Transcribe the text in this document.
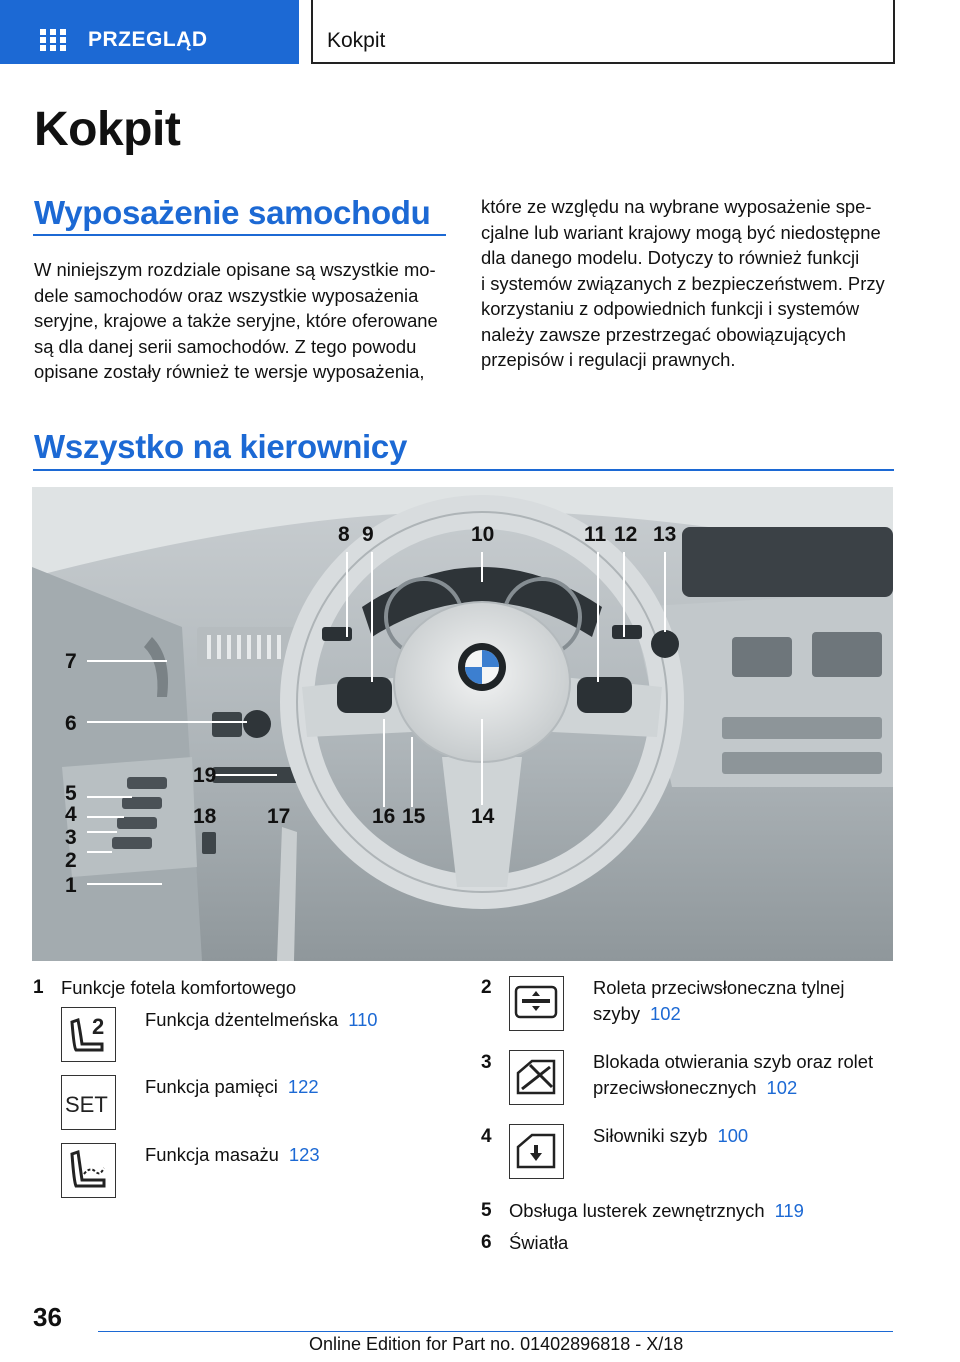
PRZEGLĄD	Kokpit
Kokpit
Wyposażenie samochodu
W niniejszym rozdziale opisane są wszystkie mo‐
dele samochodów oraz wszystkie wyposażenia
seryjne, krajowe a także seryjne, które oferowane
są dla danej serii samochodów. Z tego powodu
opisane zostały również te wersje wyposażenia,
które ze względu na wybrane wyposażenie spe‐
cjalne lub wariant krajowy mogą być niedostępne
dla danego modelu. Dotyczy to również funkcji
i systemów związanych z bezpieczeństwem. Przy
korzystaniu z odpowiednich funkcji i systemów
należy zawsze przestrzegać obowiązujących
przepisów i regulacji prawnych.
Wszystko na kierownicy
1
2
3
4
5
6
7
8 9	10	11 12 13
14
15
16
17
18
19
1 Funkcje fotela komfortowego
2 Funkcja dżentelmeńska 110
SET
Funkcja pamięci 122
Funkcja masażu 123
2	Roleta przeciwsłoneczna tylnej
szyby 102
3	Blokada otwierania szyb oraz rolet
przeciwsłonecznych 102
4	Siłowniki szyb 100
5 Obsługa lusterek zewnętrznych 119
6 Światła
36
Online Edition for Part no. 01402896818 - X/18
